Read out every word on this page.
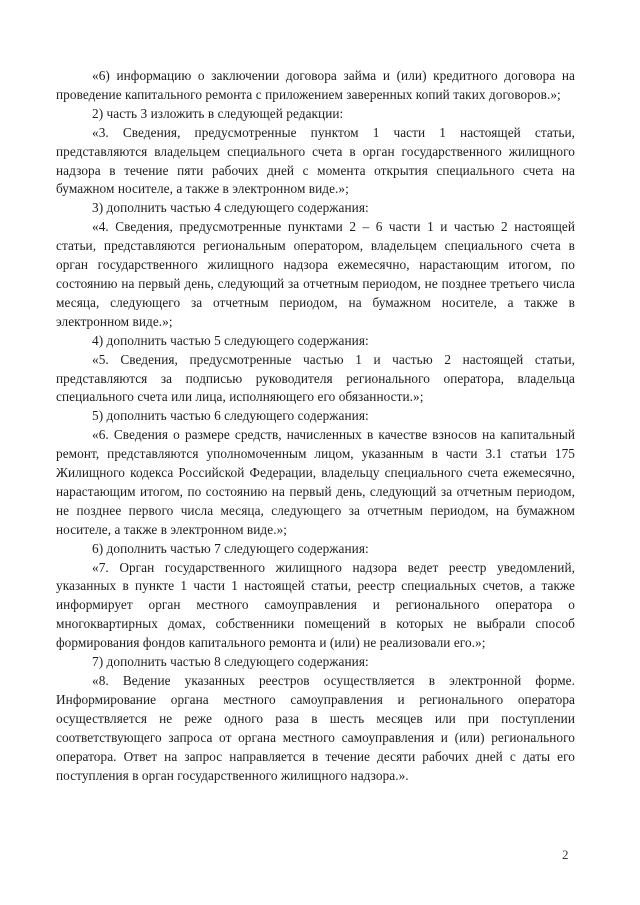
«6) информацию о заключении договора займа и (или) кредитного договора на проведение капитального ремонта с приложением заверенных копий таких договоров.»;

2) часть 3 изложить в следующей редакции:

«3. Сведения, предусмотренные пунктом 1 части 1 настоящей статьи, представляются владельцем специального счета в орган государственного жилищного надзора в течение пяти рабочих дней с момента открытия специального счета на бумажном носителе, а также в электронном виде.»;

3) дополнить частью 4 следующего содержания:

«4. Сведения, предусмотренные пунктами 2 – 6 части 1 и частью 2 настоящей статьи, представляются региональным оператором, владельцем специального счета в орган государственного жилищного надзора ежемесячно, нарастающим итогом, по состоянию на первый день, следующий за отчетным периодом, не позднее третьего числа месяца, следующего за отчетным периодом, на бумажном носителе, а также в электронном виде.»;

4) дополнить частью 5 следующего содержания:

«5. Сведения, предусмотренные частью 1 и частью 2 настоящей статьи, представляются за подписью руководителя регионального оператора, владельца специального счета или лица, исполняющего его обязанности.»;

5) дополнить частью 6 следующего содержания:

«6. Сведения о размере средств, начисленных в качестве взносов на капитальный ремонт, представляются уполномоченным лицом, указанным в части 3.1 статьи 175 Жилищного кодекса Российской Федерации, владельцу специального счета ежемесячно, нарастающим итогом, по состоянию на первый день, следующий за отчетным периодом, не позднее первого числа месяца, следующего за отчетным периодом, на бумажном носителе, а также в электронном виде.»;

6) дополнить частью 7 следующего содержания:

«7. Орган государственного жилищного надзора ведет реестр уведомлений, указанных в пункте 1 части 1 настоящей статьи, реестр специальных счетов, а также информирует орган местного самоуправления и регионального оператора о многоквартирных домах, собственники помещений в которых не выбрали способ формирования фондов капитального ремонта и (или) не реализовали его.»;

7) дополнить частью 8 следующего содержания:

«8. Ведение указанных реестров осуществляется в электронной форме. Информирование органа местного самоуправления и регионального оператора осуществляется не реже одного раза в шесть месяцев или при поступлении соответствующего запроса от органа местного самоуправления и (или) регионального оператора. Ответ на запрос направляется в течение десяти рабочих дней с даты его поступления в орган государственного жилищного надзора.».

2
